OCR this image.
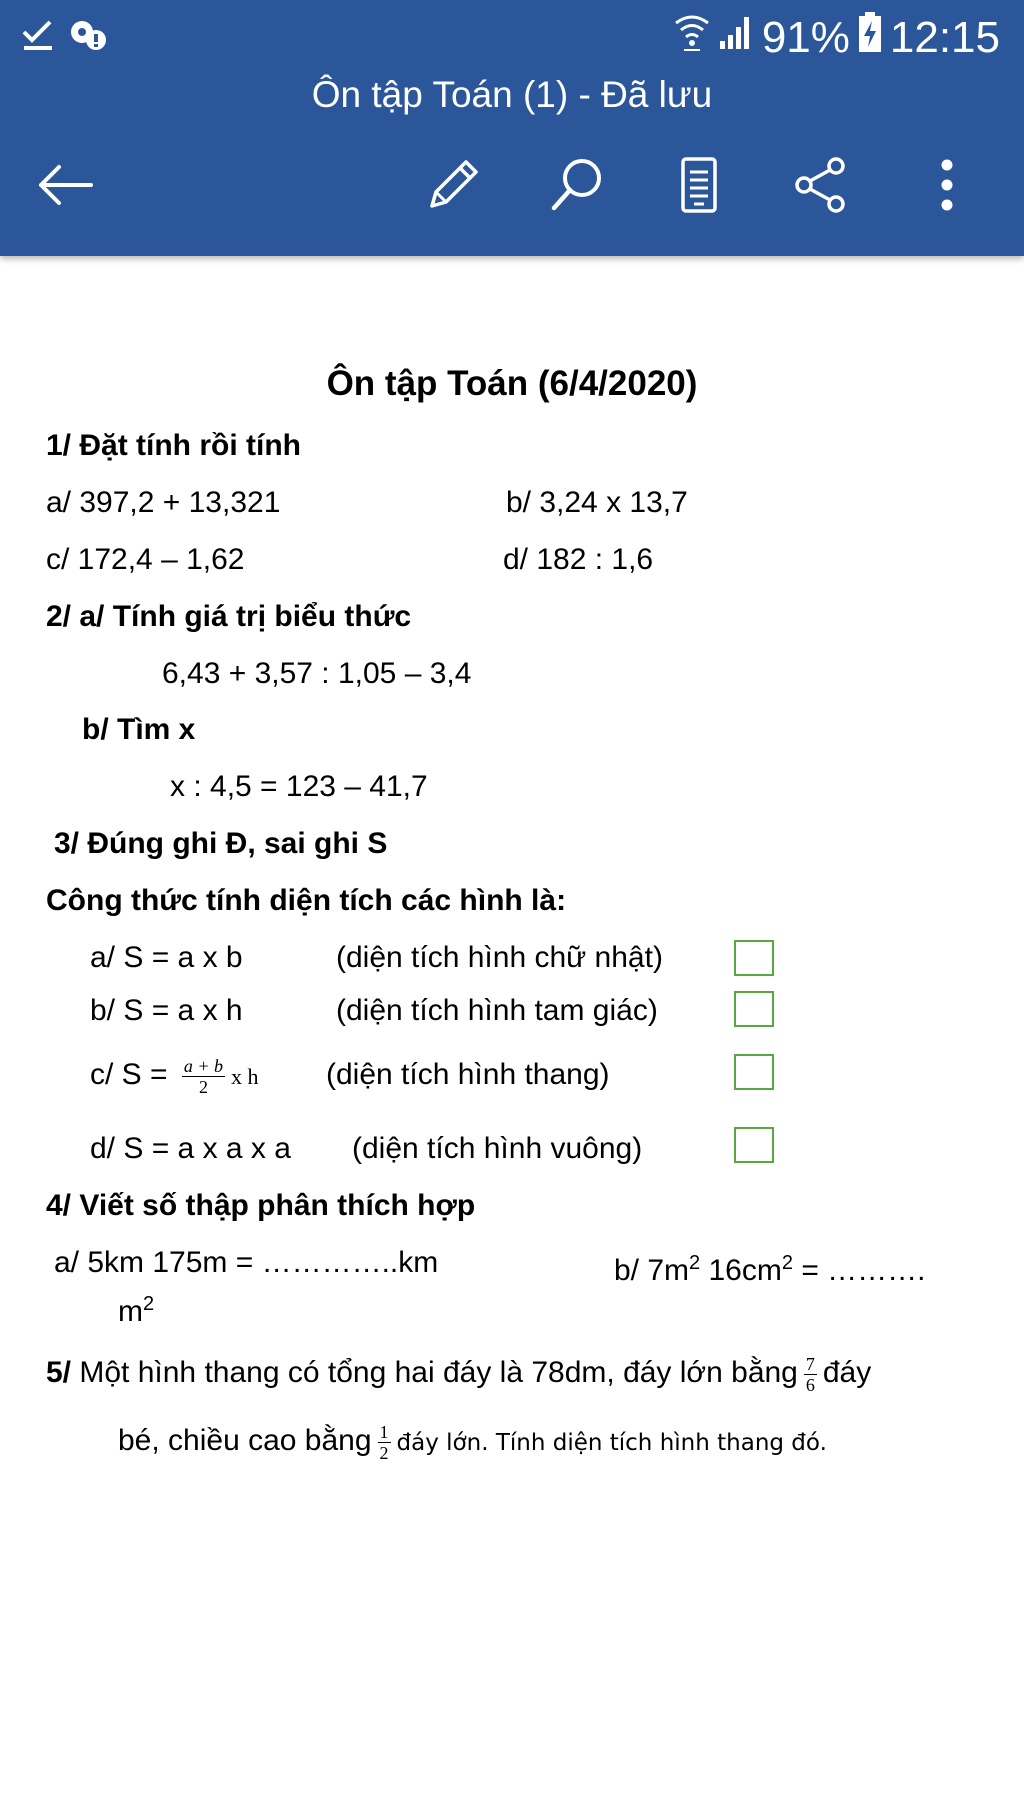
91% 12:15
Ôn tập Toán (1) - Đã lưu
Ôn tập Toán (6/4/2020)
1/ Đặt tính rồi tính
a/ 397,2 + 13,321	b/ 3,24 x 13,7
c/ 172,4 – 1,62	d/ 182 : 1,6
2/ a/ Tính giá trị biểu thức
6,43 + 3,57 : 1,05 – 3,4
b/ Tìm x
x : 4,5 = 123 – 41,7
3/ Đúng ghi Đ, sai ghi S
Công thức tính diện tích các hình là:
a/ S = a x b	(diện tích hình chữ nhật)
b/ S = a x h	(diện tích hình tam giác)
c/ $S = \frac{a + b}{2}$ x h (diện tích hình thang)
d/ S = a x a x a (diện tích hình vuông)
4/ Viết số thập phân thích hợp
a/ 5km 175m = …………..km	b/ $7m^2$ $16cm^2$ = ……….
$m^2$
5/ Một hình thang có tổng hai đáy là 78dm, đáy lớn bằng $\frac{7}{6}$ đáy
bé, chiều cao bằng $\frac{1}{2}$ đáy lớn. Tính diện tích hình thang đó.
